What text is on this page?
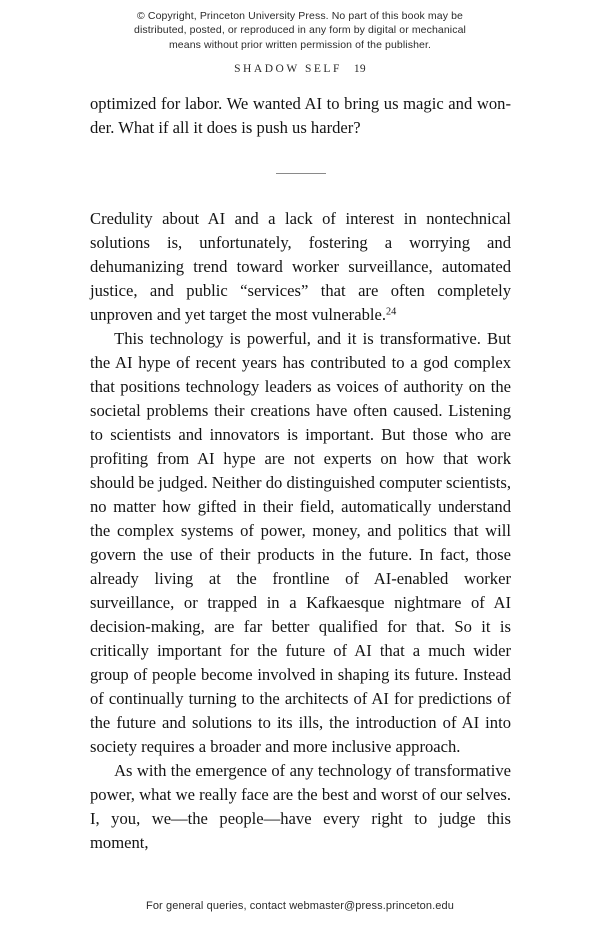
© Copyright, Princeton University Press. No part of this book may be
distributed, posted, or reproduced in any form by digital or mechanical
means without prior written permission of the publisher.
SHADOW SELF 19

optimized for labor. We wanted AI to bring us magic and wonder. What if all it does is push us harder?

Credulity about AI and a lack of interest in nontechnical solutions is, unfortunately, fostering a worrying and dehumanizing trend toward worker surveillance, automated justice, and public “services” that are often completely unproven and yet target the most vulnerable.$^{24}$

This technology is powerful, and it is transformative. But the AI hype of recent years has contributed to a god complex that positions technology leaders as voices of authority on the societal problems their creations have often caused. Listening to scientists and innovators is important. But those who are profiting from AI hype are not experts on how that work should be judged. Neither do distinguished computer scientists, no matter how gifted in their field, automatically understand the complex systems of power, money, and politics that will govern the use of their products in the future. In fact, those already living at the frontline of AI-enabled worker surveillance, or trapped in a Kafkaesque nightmare of AI decision-making, are far better qualified for that. So it is critically important for the future of AI that a much wider group of people become involved in shaping its future. Instead of continually turning to the architects of AI for predictions of the future and solutions to its ills, the introduction of AI into society requires a broader and more inclusive approach.

As with the emergence of any technology of transformative power, what we really face are the best and worst of our selves. I, you, we—the people—have every right to judge this moment,

For general queries, contact webmaster@press.princeton.edu
